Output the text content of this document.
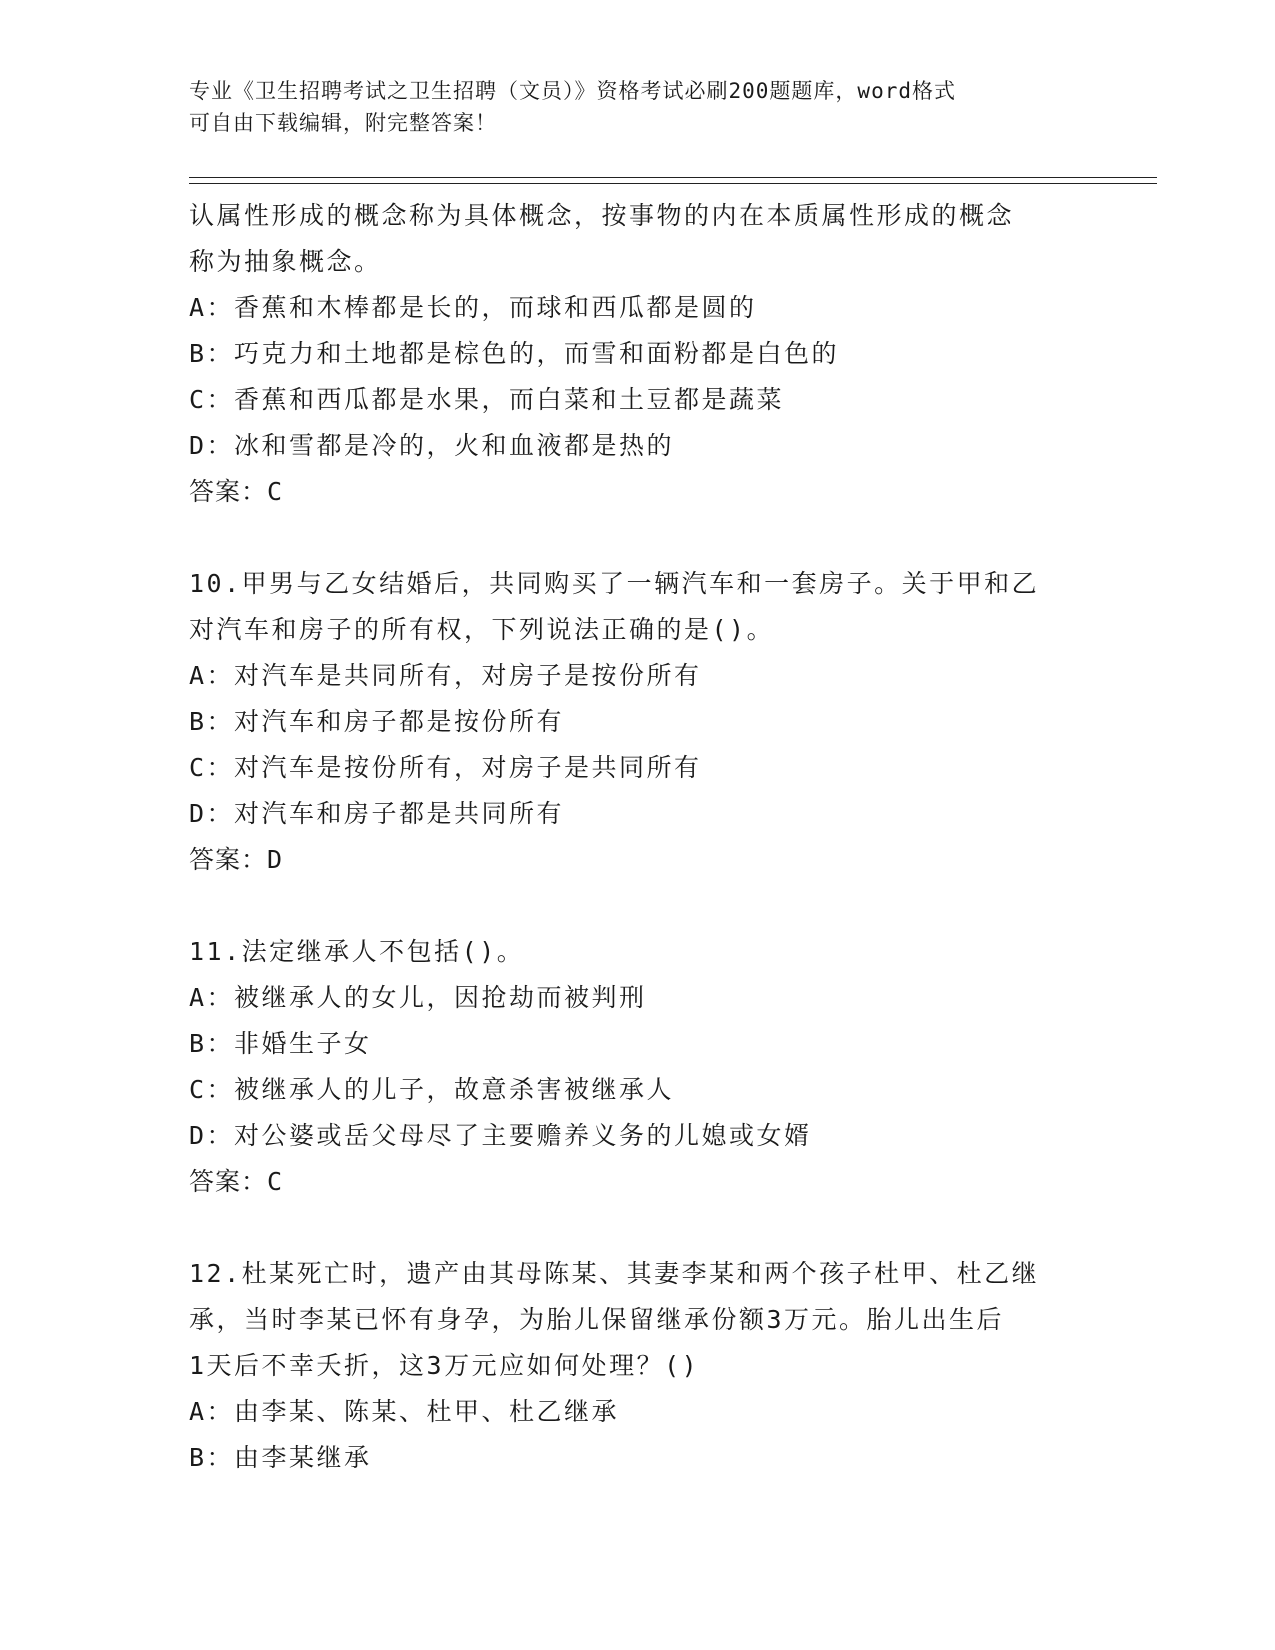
专业《卫生招聘考试之卫生招聘（文员）》资格考试必刷200题题库，word格式
可自由下载编辑，附完整答案！
认属性形成的概念称为具体概念，按事物的内在本质属性形成的概念
称为抽象概念。
A：香蕉和木棒都是长的，而球和西瓜都是圆的
B：巧克力和土地都是棕色的，而雪和面粉都是白色的
C：香蕉和西瓜都是水果，而白菜和土豆都是蔬菜
D：冰和雪都是冷的，火和血液都是热的
答案：C
10.甲男与乙女结婚后，共同购买了一辆汽车和一套房子。关于甲和乙
对汽车和房子的所有权，下列说法正确的是()。
A：对汽车是共同所有，对房子是按份所有
B：对汽车和房子都是按份所有
C：对汽车是按份所有，对房子是共同所有
D：对汽车和房子都是共同所有
答案：D
11.法定继承人不包括()。
A：被继承人的女儿，因抢劫而被判刑
B：非婚生子女
C：被继承人的儿子，故意杀害被继承人
D：对公婆或岳父母尽了主要赡养义务的儿媳或女婿
答案：C
12.杜某死亡时，遗产由其母陈某、其妻李某和两个孩子杜甲、杜乙继
承，当时李某已怀有身孕，为胎儿保留继承份额3万元。胎儿出生后
1天后不幸夭折，这3万元应如何处理？()
A：由李某、陈某、杜甲、杜乙继承
B：由李某继承
